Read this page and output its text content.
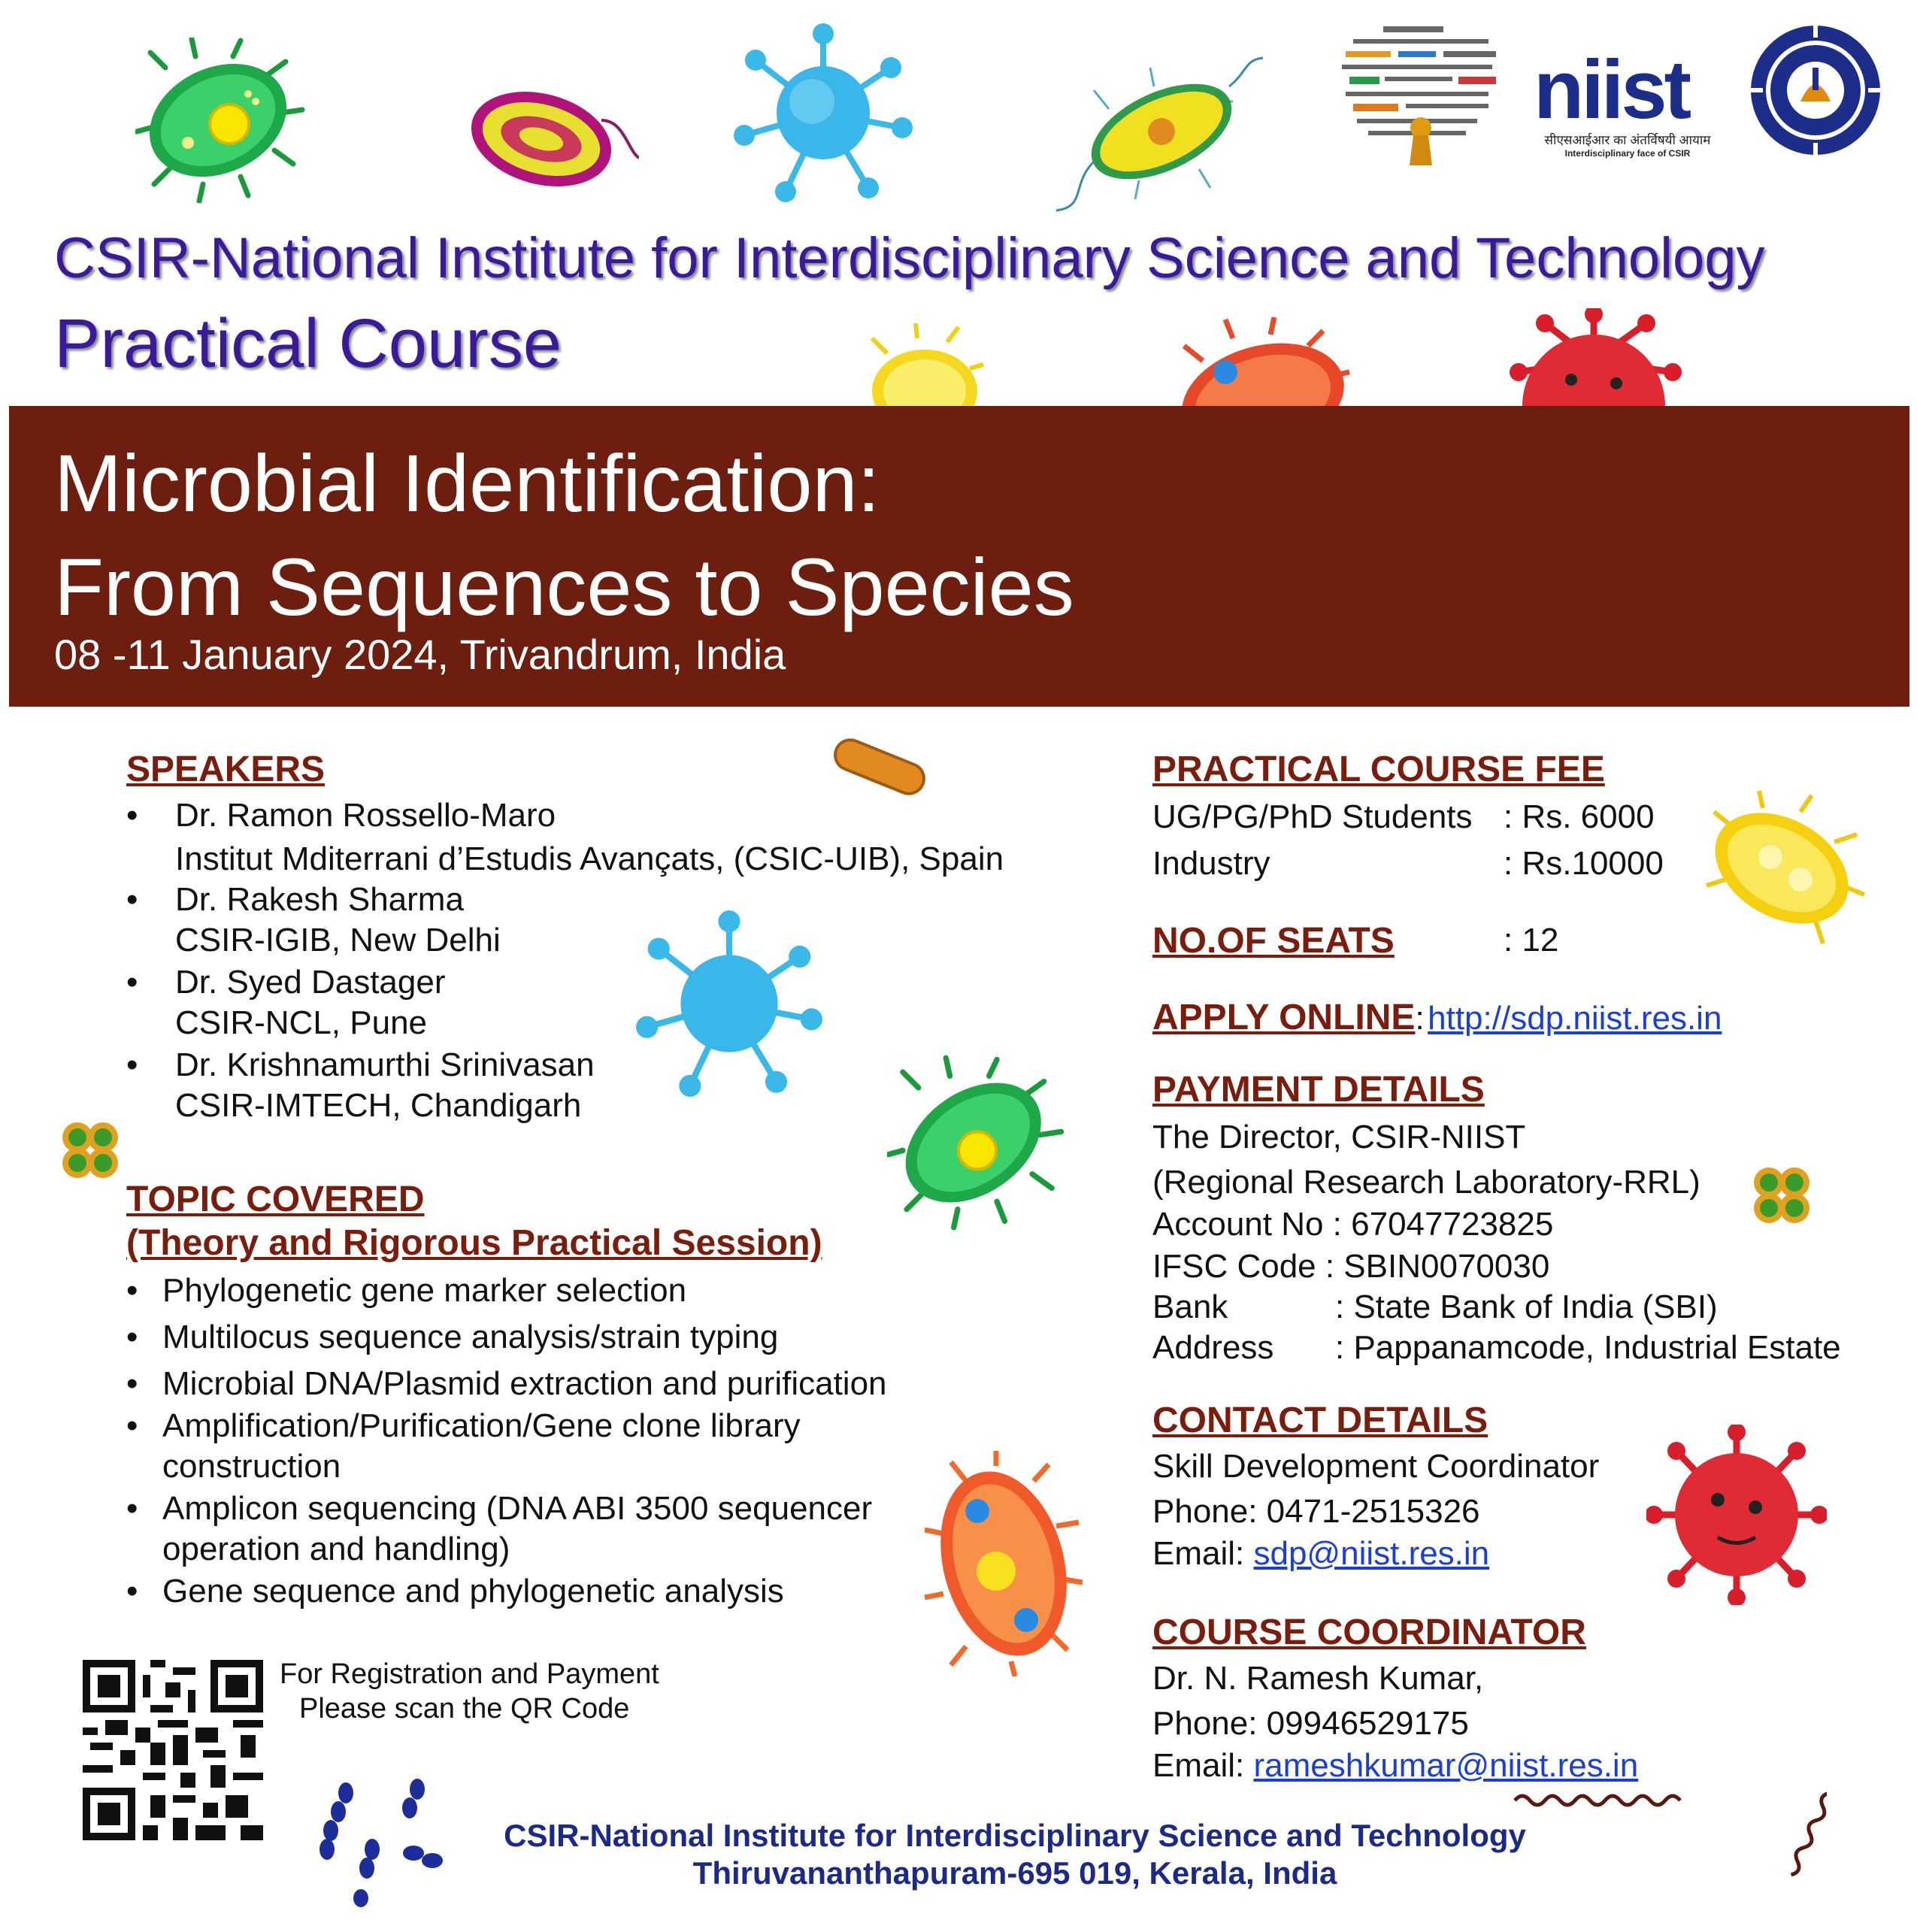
niist
सीएसआईआर का अंतर्विषयी आयाम
Interdisciplinary face of CSIR
CSIR-National Institute for Interdisciplinary Science and Technology
Practical Course
Microbial Identification:
From Sequences to Species
08 -11 January 2024, Trivandrum, India
SPEAKERS
• Dr. Ramon Rossello-Maro
Institut Mditerrani d’Estudis Avançats, (CSIC-UIB), Spain
• Dr. Rakesh Sharma
CSIR-IGIB, New Delhi
• Dr. Syed Dastager
CSIR-NCL, Pune
• Dr. Krishnamurthi Srinivasan
CSIR-IMTECH, Chandigarh
TOPIC COVERED
(Theory and Rigorous Practical Session)
• Phylogenetic gene marker selection
• Multilocus sequence analysis/strain typing
• Microbial DNA/Plasmid extraction and purification
• Amplification/Purification/Gene clone library
construction
• Amplicon sequencing (DNA ABI 3500 sequencer
operation and handling)
• Gene sequence and phylogenetic analysis
For Registration and Payment
Please scan the QR Code
PRACTICAL COURSE FEE
UG/PG/PhD Students : Rs. 6000
Industry	: Rs.10000
NO.OF SEATS	: 12
APPLY ONLINE: http://sdp.niist.res.in
PAYMENT DETAILS
The Director, CSIR-NIIST
(Regional Research Laboratory-RRL)
Account No : 67047723825
IFSC Code : SBIN0070030
Bank	: State Bank of India (SBI)
Address : Pappanamcode, Industrial Estate
CONTACT DETAILS
Skill Development Coordinator
Phone: 0471-2515326
Email: sdp@niist.res.in
COURSE COORDINATOR
Dr. N. Ramesh Kumar,
Phone: 09946529175
Email: rameshkumar@niist.res.in
CSIR-National Institute for Interdisciplinary Science and Technology
Thiruvananthapuram-695 019, Kerala, India
